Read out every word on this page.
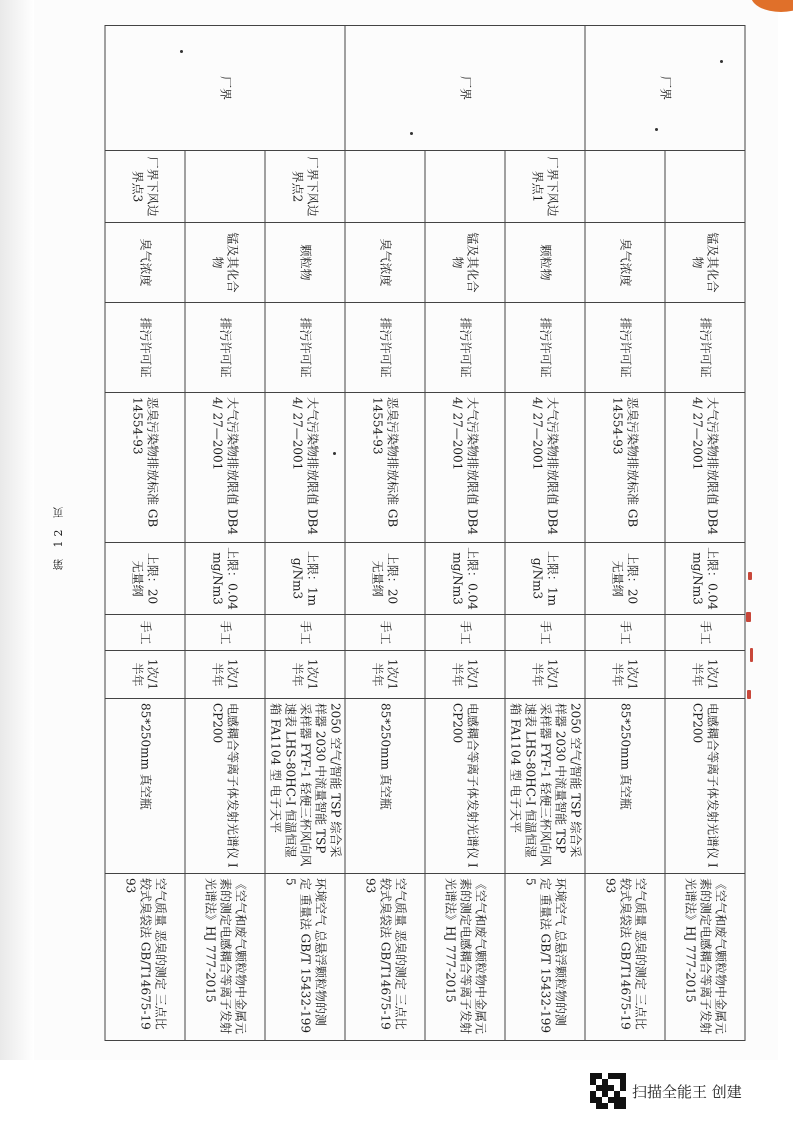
第 12 页
厂界		锰及其化合物	排污许可证	大气污染物排放限值 DB44/ 27—2001	上限：0.04mg/Nm3	手工	1次/1半年	电感耦合等离子体发射光谱仪 ICP200	《空气和废气颗粒物中金属元素的测定电感耦合等离子发射光谱法》HJ 777-2015
		臭气浓度	排污许可证	恶臭污染物排放标准 GB 14554-93	上限：20 无量纲	手工	1次/1半年	85*250mm 真空瓶	空气质量 恶臭的测定 三点比较式臭袋法 GB/T14675-1993
厂界	厂界下风边界点1	颗粒物	排污许可证	大气污染物排放限值 DB44/ 27—2001	上限：1mg/Nm3	手工	1次/1半年	2050 空气/智能 TSP 综合采样器 2030 中流量智能 TSP 采样器 FYF-1 轻便三杯风向风速表 LHS-80HC-I 恒温恒湿箱 FA1104 型 电子天平	环境空气 总悬浮颗粒物的测定 重量法 GB/T 15432-1995
		锰及其化合物	排污许可证	大气污染物排放限值 DB44/ 27—2001	上限：0.04mg/Nm3	手工	1次/1半年	电感耦合等离子体发射光谱仪 ICP200	《空气和废气颗粒物中金属元素的测定电感耦合等离子发射光谱法》HJ 777-2015
		臭气浓度	排污许可证	恶臭污染物排放标准 GB 14554-93	上限：20 无量纲	手工	1次/1半年	85*250mm 真空瓶	空气质量 恶臭的测定 三点比较式臭袋法 GB/T14675-1993
厂界	厂界下风边界点2	颗粒物	排污许可证	大气污染物排放限值 DB44/ 27—2001	上限：1mg/Nm3	手工	1次/1半年	2050 空气/智能 TSP 综合采样器 2030 中流量智能 TSP 采样器 FYF-1 轻便三杯风向风速表 LHS-80HC-I 恒温恒湿箱 FA1104 型 电子天平	环境空气 总悬浮颗粒物的测定 重量法 GB/T 15432-1995
		锰及其化合物	排污许可证	大气污染物排放限值 DB44/ 27—2001	上限：0.04mg/Nm3	手工	1次/1半年	电感耦合等离子体发射光谱仪 ICP200	《空气和废气颗粒物中金属元素的测定电感耦合等离子发射光谱法》HJ 777-2015
	厂界下风边界点3	臭气浓度	排污许可证	恶臭污染物排放标准 GB 14554-93	上限：20 无量纲	手工	1次/1半年	85*250mm 真空瓶	空气质量 恶臭的测定 三点比较式臭袋法 GB/T14675-1993
扫描全能王 创建
